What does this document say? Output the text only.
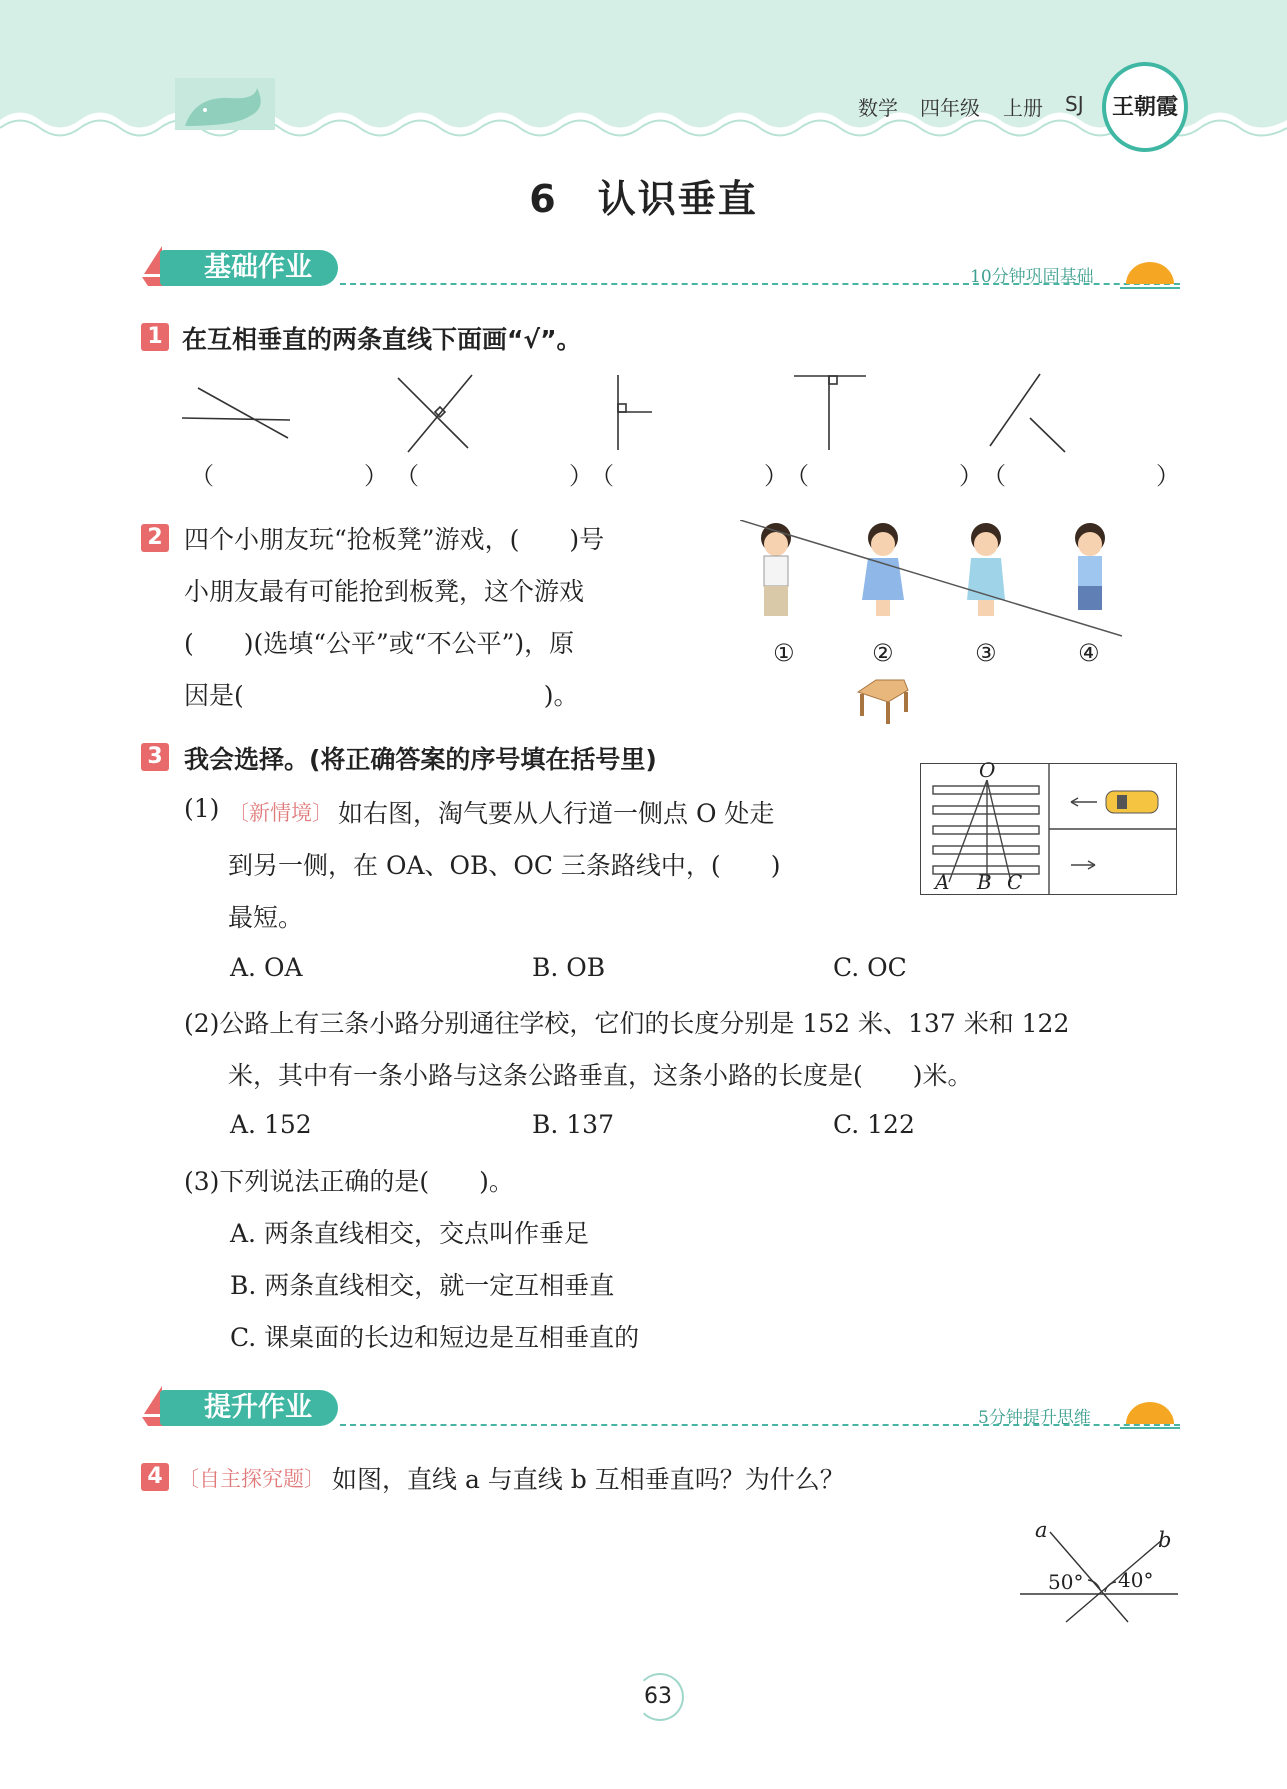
数学 四年级 上册 SJ 王朝霞
6　认识垂直
基础作业	10分钟巩固基础
1 在互相垂直的两条直线下面画“√”。
（　　）
（　　）
（　　）
（　　）
（　　）
2 四个小朋友玩“抢板凳”游戏，(　　)号
小朋友最有可能抢到板凳，这个游戏
(　　)(选填“公平”或“不公平”)，原
因是(　　　　　　　　　　　　)。
①	②	③	④
3 我会选择。(将正确答案的序号填在括号里)
(1) 〔新情境〕 如右图，淘气要从人行道一侧点 O 处走
到另一侧，在 OA、OB、OC 三条路线中，(　　)
最短。
A. OA	B. OB	C. OC
O
A B C
(2)公路上有三条小路分别通往学校，它们的长度分别是 152 米、137 米和 122
米，其中有一条小路与这条公路垂直，这条小路的长度是(　　)米。
A. 152	B. 137	C. 122
(3)下列说法正确的是(　　)。
A. 两条直线相交，交点叫作垂足
B. 两条直线相交，就一定互相垂直
C. 课桌面的长边和短边是互相垂直的
提升作业	5分钟提升思维
4 〔自主探究题〕 如图，直线 a 与直线 b 互相垂直吗？为什么？
a	b
50° 40°
63
